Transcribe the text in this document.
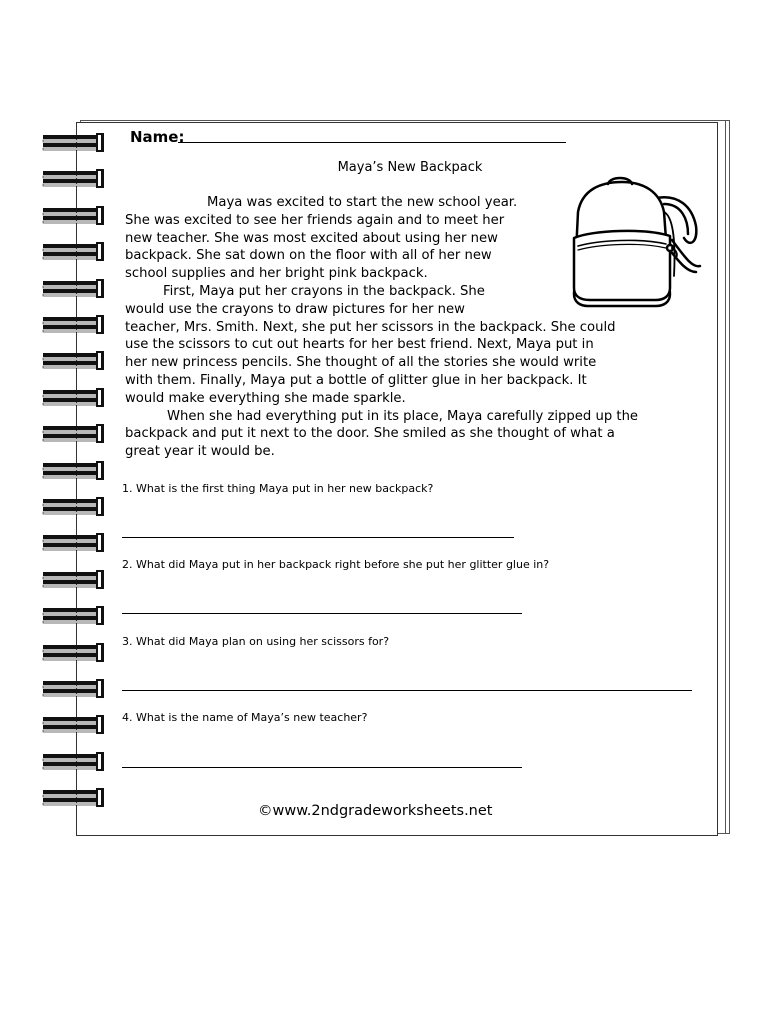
Name:
Maya’s New Backpack
Maya was excited to start the new school year.
She was excited to see her friends again and to meet her
new teacher. She was most excited about using her new
backpack. She sat down on the floor with all of her new
school supplies and her bright pink backpack.
First, Maya put her crayons in the backpack. She
would use the crayons to draw pictures for her new
teacher, Mrs. Smith. Next, she put her scissors in the backpack. She could
use the scissors to cut out hearts for her best friend. Next, Maya put in
her new princess pencils. She thought of all the stories she would write
with them. Finally, Maya put a bottle of glitter glue in her backpack. It
would make everything she made sparkle.
When she had everything put in its place, Maya carefully zipped up the
backpack and put it next to the door. She smiled as she thought of what a
great year it would be.
1. What is the first thing Maya put in her new backpack?
2. What did Maya put in her backpack right before she put her glitter glue in?
3. What did Maya plan on using her scissors for?
4. What is the name of Maya’s new teacher?
©www.2ndgradeworksheets.net
